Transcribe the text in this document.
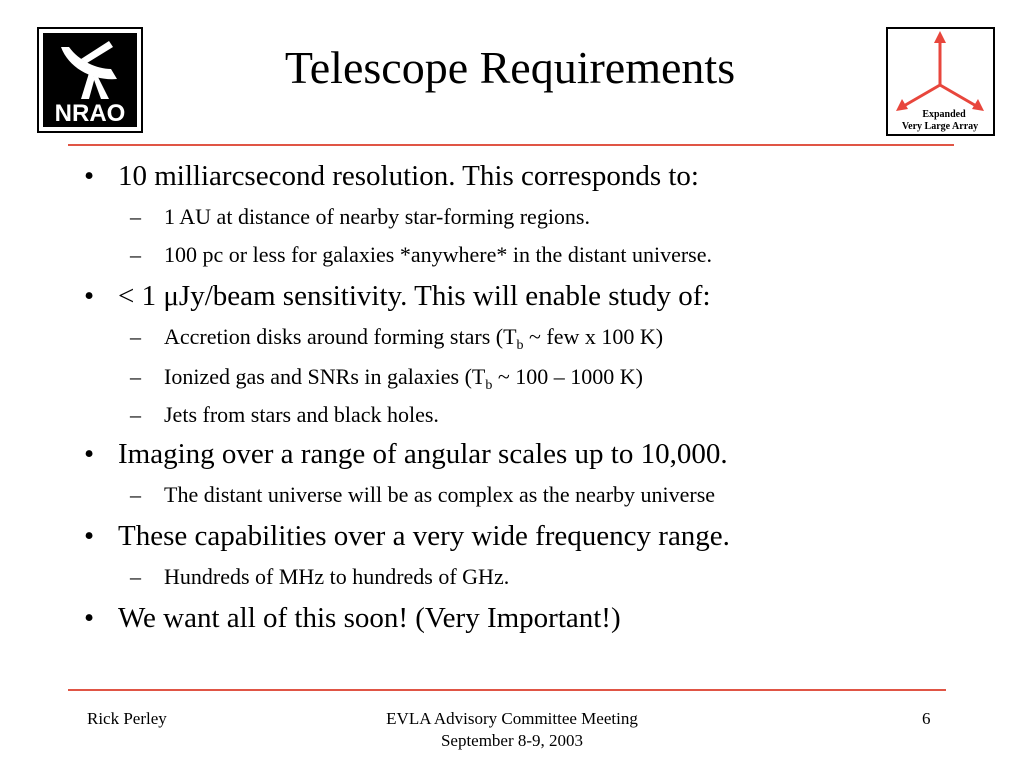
NRAO
Telescope Requirements
Expanded
Very Large Array
• 10 milliarcsecond resolution. This corresponds to:
– 1 AU at distance of nearby star-forming regions.
– 100 pc or less for galaxies *anywhere* in the distant universe.
• < 1 μJy/beam sensitivity. This will enable study of:
– Accretion disks around forming stars ($T_b$ ~ few x 100 K)
– Ionized gas and SNRs in galaxies ($T_b$ ~ 100 – 1000 K)
– Jets from stars and black holes.
• Imaging over a range of angular scales up to 10,000.
– The distant universe will be as complex as the nearby universe
• These capabilities over a very wide frequency range.
– Hundreds of MHz to hundreds of GHz.
• We want all of this soon! (Very Important!)
Rick Perley	EVLA Advisory Committee Meeting
September 8-9, 2003
6
